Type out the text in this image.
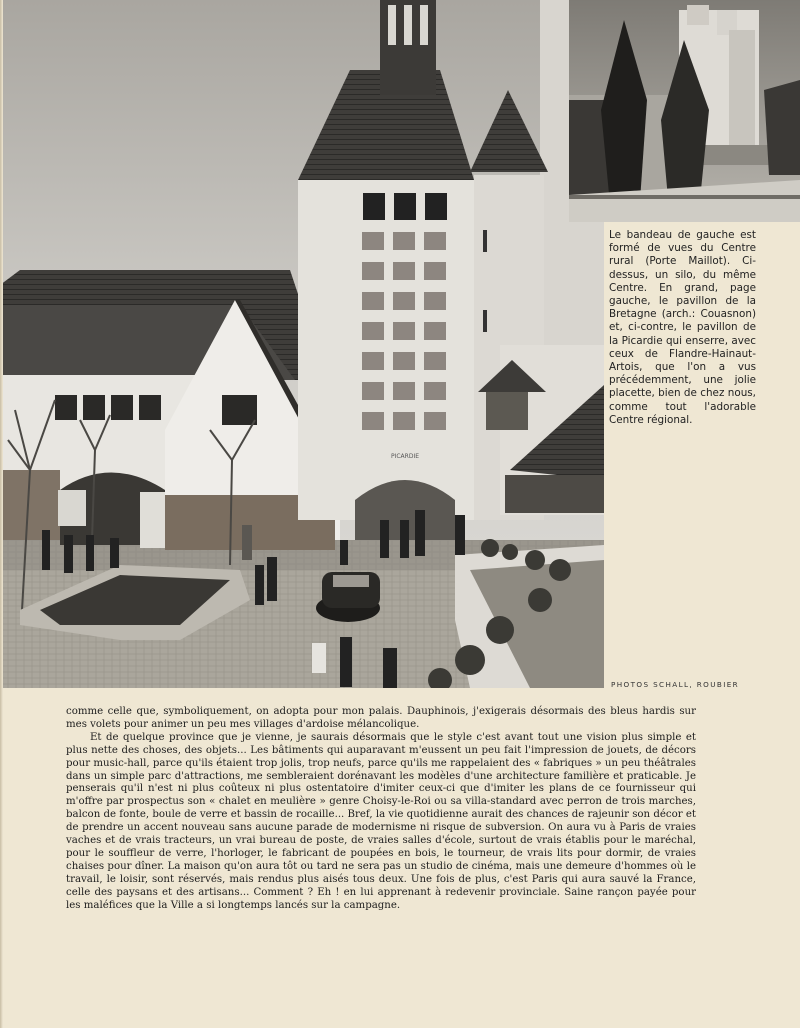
PICARDIE
Le bandeau de gauche est formé de vues du Centre rural (Porte Maillot). Ci-dessus, un silo, du même Centre. En grand, page gauche, le pavillon de la Bretagne (arch.: Couasnon) et, ci-contre, le pavillon de la Picardie qui enserre, avec ceux de Flandre-Hainaut-Artois, que l'on a vus précédemment, une jolie placette, bien de chez nous, comme tout l'adorable Centre régional.
PHOTOS SCHALL, ROUBIER

comme celle que, symboliquement, on adopta pour mon palais. Dauphinois, j'exigerais désormais des bleus hardis sur mes volets pour animer un peu mes villages d'ardoise mélancolique.

Et de quelque province que je vienne, je saurais désormais que le style c'est avant tout une vision plus simple et plus nette des choses, des objets... Les bâtiments qui auparavant m'eussent un peu fait l'impression de jouets, de décors pour music-hall, parce qu'ils étaient trop jolis, trop neufs, parce qu'ils me rappelaient des « fabriques » un peu théâtrales dans un simple parc d'attractions, me sembleraient dorénavant les modèles d'une architecture familière et praticable. Je penserais qu'il n'est ni plus coûteux ni plus ostentatoire d'imiter ceux-ci que d'imiter les plans de ce fournisseur qui m'offre par prospectus son « chalet en meulière » genre Choisy-le-Roi ou sa villa-standard avec perron de trois marches, balcon de fonte, boule de verre et bassin de rocaille... Bref, la vie quotidienne aurait des chances de rajeunir son décor et de prendre un accent nouveau sans aucune parade de modernisme ni risque de subversion. On aura vu à Paris de vraies vaches et de vrais tracteurs, un vrai bureau de poste, de vraies salles d'école, surtout de vrais établis pour le maréchal, pour le souffleur de verre, l'horloger, le fabricant de poupées en bois, le tourneur, de vrais lits pour dormir, de vraies chaises pour dîner. La maison qu'on aura tôt ou tard ne sera pas un studio de cinéma, mais une demeure d'hommes où le travail, le loisir, sont réservés, mais rendus plus aisés tous deux. Une fois de plus, c'est Paris qui aura sauvé la France, celle des paysans et des artisans... Comment ? Eh ! en lui apprenant à redevenir provinciale. Saine rançon payée pour les maléfices que la Ville a si longtemps lancés sur la campagne.
